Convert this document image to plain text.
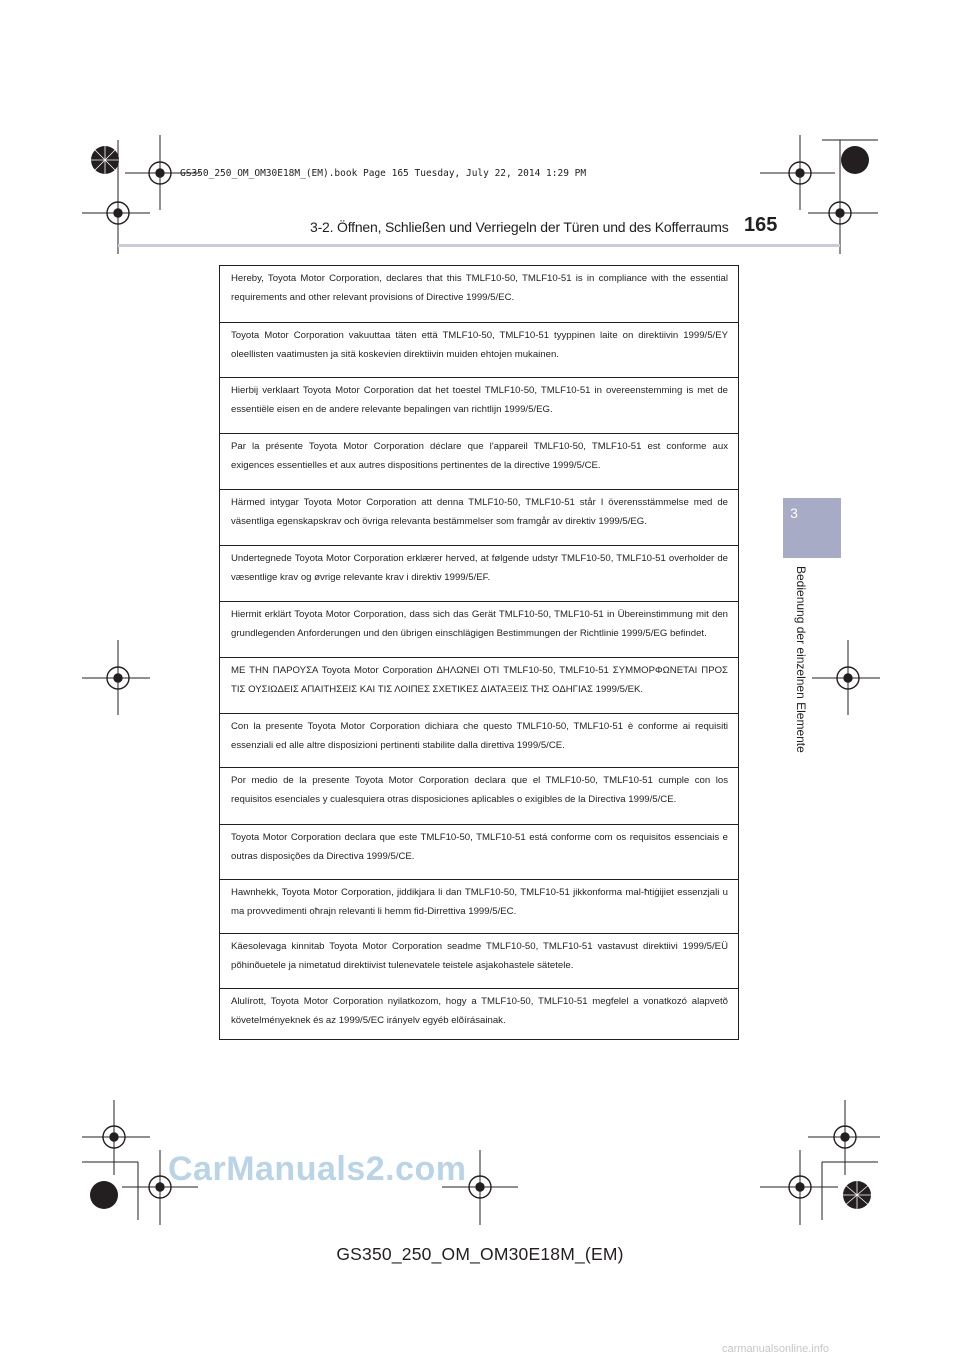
GS350_250_OM_OM30E18M_(EM).book Page 165 Tuesday, July 22, 2014 1:29 PM
3-2. Öffnen, Schließen und Verriegeln der Türen und des Kofferraums 165
3
Bedienung der einzelnen Elemente
Hereby, Toyota Motor Corporation, declares that this TMLF10-50, TMLF10-51 is in compliance with the essential requirements and other relevant provisions of Directive 1999/5/EC.
Toyota Motor Corporation vakuuttaa täten että TMLF10-50, TMLF10-51 tyyppinen laite on direktiivin 1999/5/EY oleellisten vaatimusten ja sitä koskevien direktiivin muiden ehtojen mukainen.
Hierbij verklaart Toyota Motor Corporation dat het toestel TMLF10-50, TMLF10-51 in overeenstemming is met de essentiële eisen en de andere relevante bepalingen van richtlijn 1999/5/EG.
Par la présente Toyota Motor Corporation déclare que l'appareil TMLF10-50, TMLF10-51 est conforme aux exigences essentielles et aux autres dispositions pertinentes de la directive 1999/5/CE.
Härmed intygar Toyota Motor Corporation att denna TMLF10-50, TMLF10-51 står I överensstämmelse med de väsentliga egenskapskrav och övriga relevanta bestämmelser som framgår av direktiv 1999/5/EG.
Undertegnede Toyota Motor Corporation erklærer herved, at følgende udstyr TMLF10-50, TMLF10-51 overholder de væsentlige krav og øvrige relevante krav i direktiv 1999/5/EF.
Hiermit erklärt Toyota Motor Corporation, dass sich das Gerät TMLF10-50, TMLF10-51 in Übereinstimmung mit den grundlegenden Anforderungen und den übrigen einschlägigen Bestimmungen der Richtlinie 1999/5/EG befindet.
ΜΕ ΤΗΝ ΠΑΡΟΥΣΑ Toyota Motor Corporation ΔΗΛΩΝΕΙ ΟΤΙ TMLF10-50, TMLF10-51 ΣΥΜΜΟΡΦΩΝΕΤΑΙ ΠΡΟΣ ΤΙΣ ΟΥΣΙΩΔΕΙΣ ΑΠΑΙΤΗΣΕΙΣ ΚΑΙ ΤΙΣ ΛΟΙΠΕΣ ΣΧΕΤΙΚΕΣ ΔΙΑΤΑΞΕΙΣ ΤΗΣ ΟΔΗΓΙΑΣ 1999/5/ΕΚ.
Con la presente Toyota Motor Corporation dichiara che questo TMLF10-50, TMLF10-51 è conforme ai requisiti essenziali ed alle altre disposizioni pertinenti stabilite dalla direttiva 1999/5/CE.
Por medio de la presente Toyota Motor Corporation declara que el TMLF10-50, TMLF10-51 cumple con los requisitos esenciales y cualesquiera otras disposiciones aplicables o exigibles de la Directiva 1999/5/CE.
Toyota Motor Corporation declara que este TMLF10-50, TMLF10-51 está conforme com os requisitos essenciais e outras disposições da Directiva 1999/5/CE.
Hawnhekk, Toyota Motor Corporation, jiddikjara li dan TMLF10-50, TMLF10-51 jikkonforma mal-ħtiġijiet essenzjali u ma provvedimenti oħrajn relevanti li hemm fid-Dirrettiva 1999/5/EC.
Käesolevaga kinnitab Toyota Motor Corporation seadme TMLF10-50, TMLF10-51 vastavust direktiivi 1999/5/EÜ põhinõuetele ja nimetatud direktiivist tulenevatele teistele asjakohastele sätetele.
Alulírott, Toyota Motor Corporation nyilatkozom, hogy a TMLF10-50, TMLF10-51 megfelel a vonatkozó alapvetõ követelményeknek és az 1999/5/EC irányelv egyéb elõírásainak.
GS350_250_OM_OM30E18M_(EM)
CarManuals2.com
carmanualsonline.info
